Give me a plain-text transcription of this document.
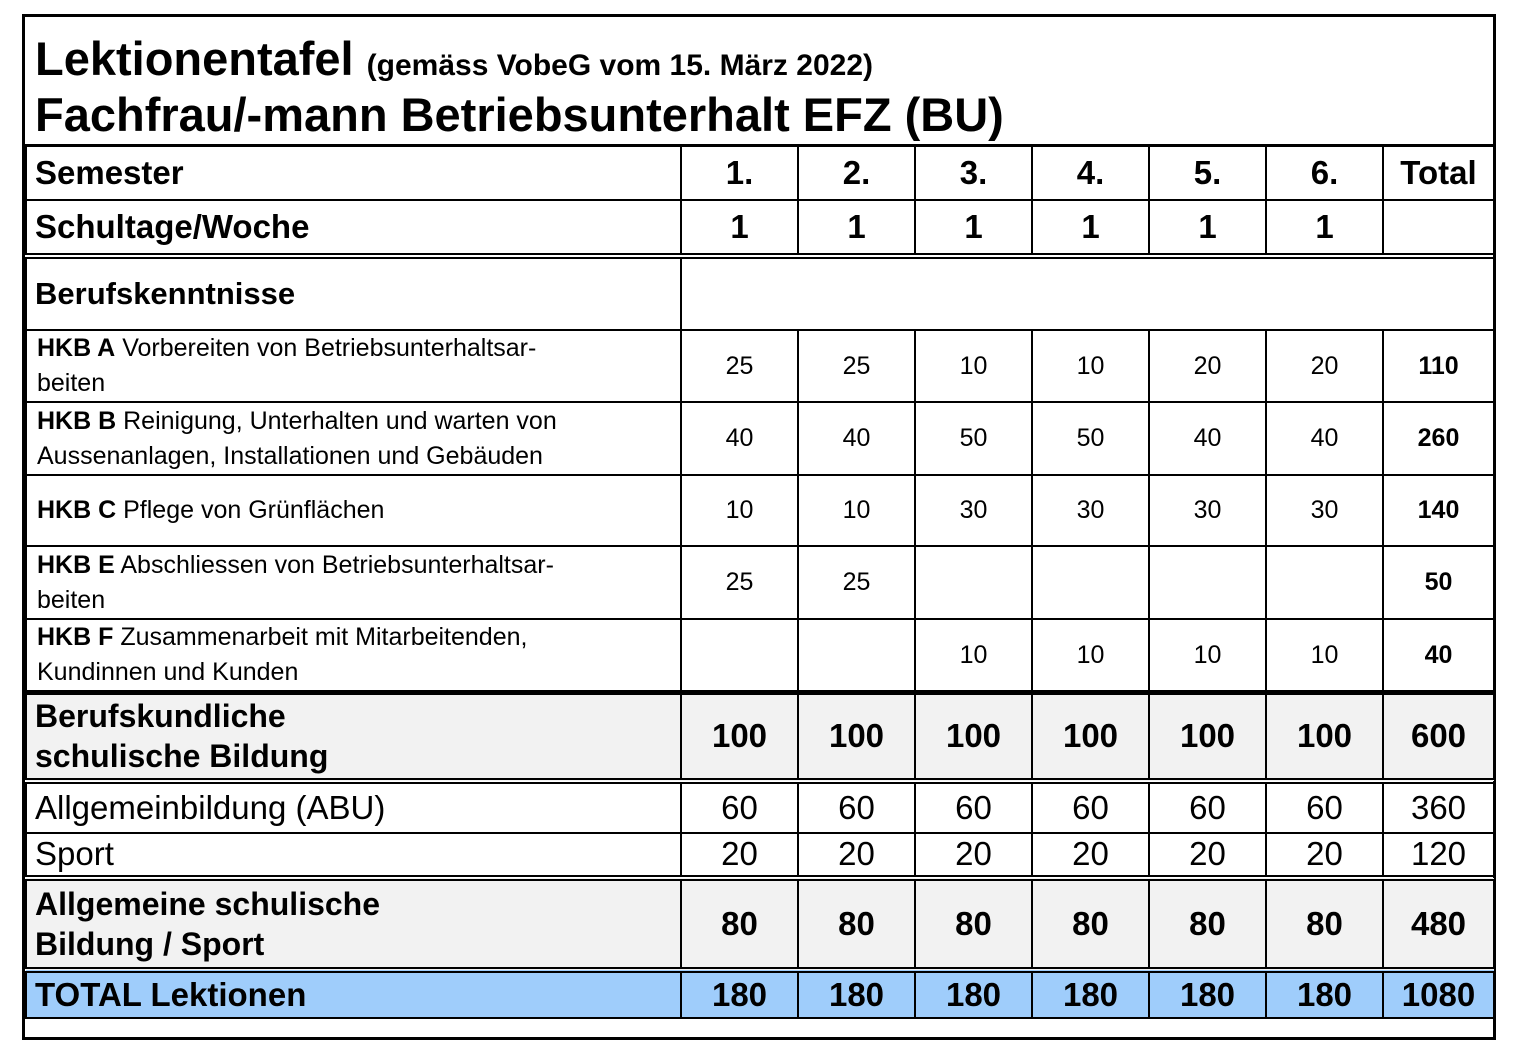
Lektionentafel (gemäss VobeG vom 15. März 2022)
Fachfrau/-mann Betriebsunterhalt EFZ (BU)
Semester	1.	2.	3.	4.	5.	6.	Total
Schultage/Woche	1	1	1	1	1	1	
Berufskenntnisse							

HKB A Vorbereiten von Betriebsunterhaltsar-
beiten	25	25	10	10	20	20	110

HKB B Reinigung, Unterhalten und warten von
Aussenanlagen, Installationen und Gebäuden	40	40	50	50	40	40	260

HKB C Pflege von Grünflächen	10	10	30	30	30	30	140

HKB E Abschliessen von Betriebsunterhaltsar-
beiten	25	25					50

HKB F Zusammenarbeit mit Mitarbeitenden,
Kundinnen und Kunden			10	10	10	10	40

Berufskundliche
schulische Bildung	100	100	100	100	100	100	600
Allgemeinbildung (ABU)	60	60	60	60	60	60	360
Sport	20	20	20	20	20	20	120

Allgemeine schulische
Bildung / Sport	80	80	80	80	80	80	480
TOTAL Lektionen	180	180	180	180	180	180	1080
